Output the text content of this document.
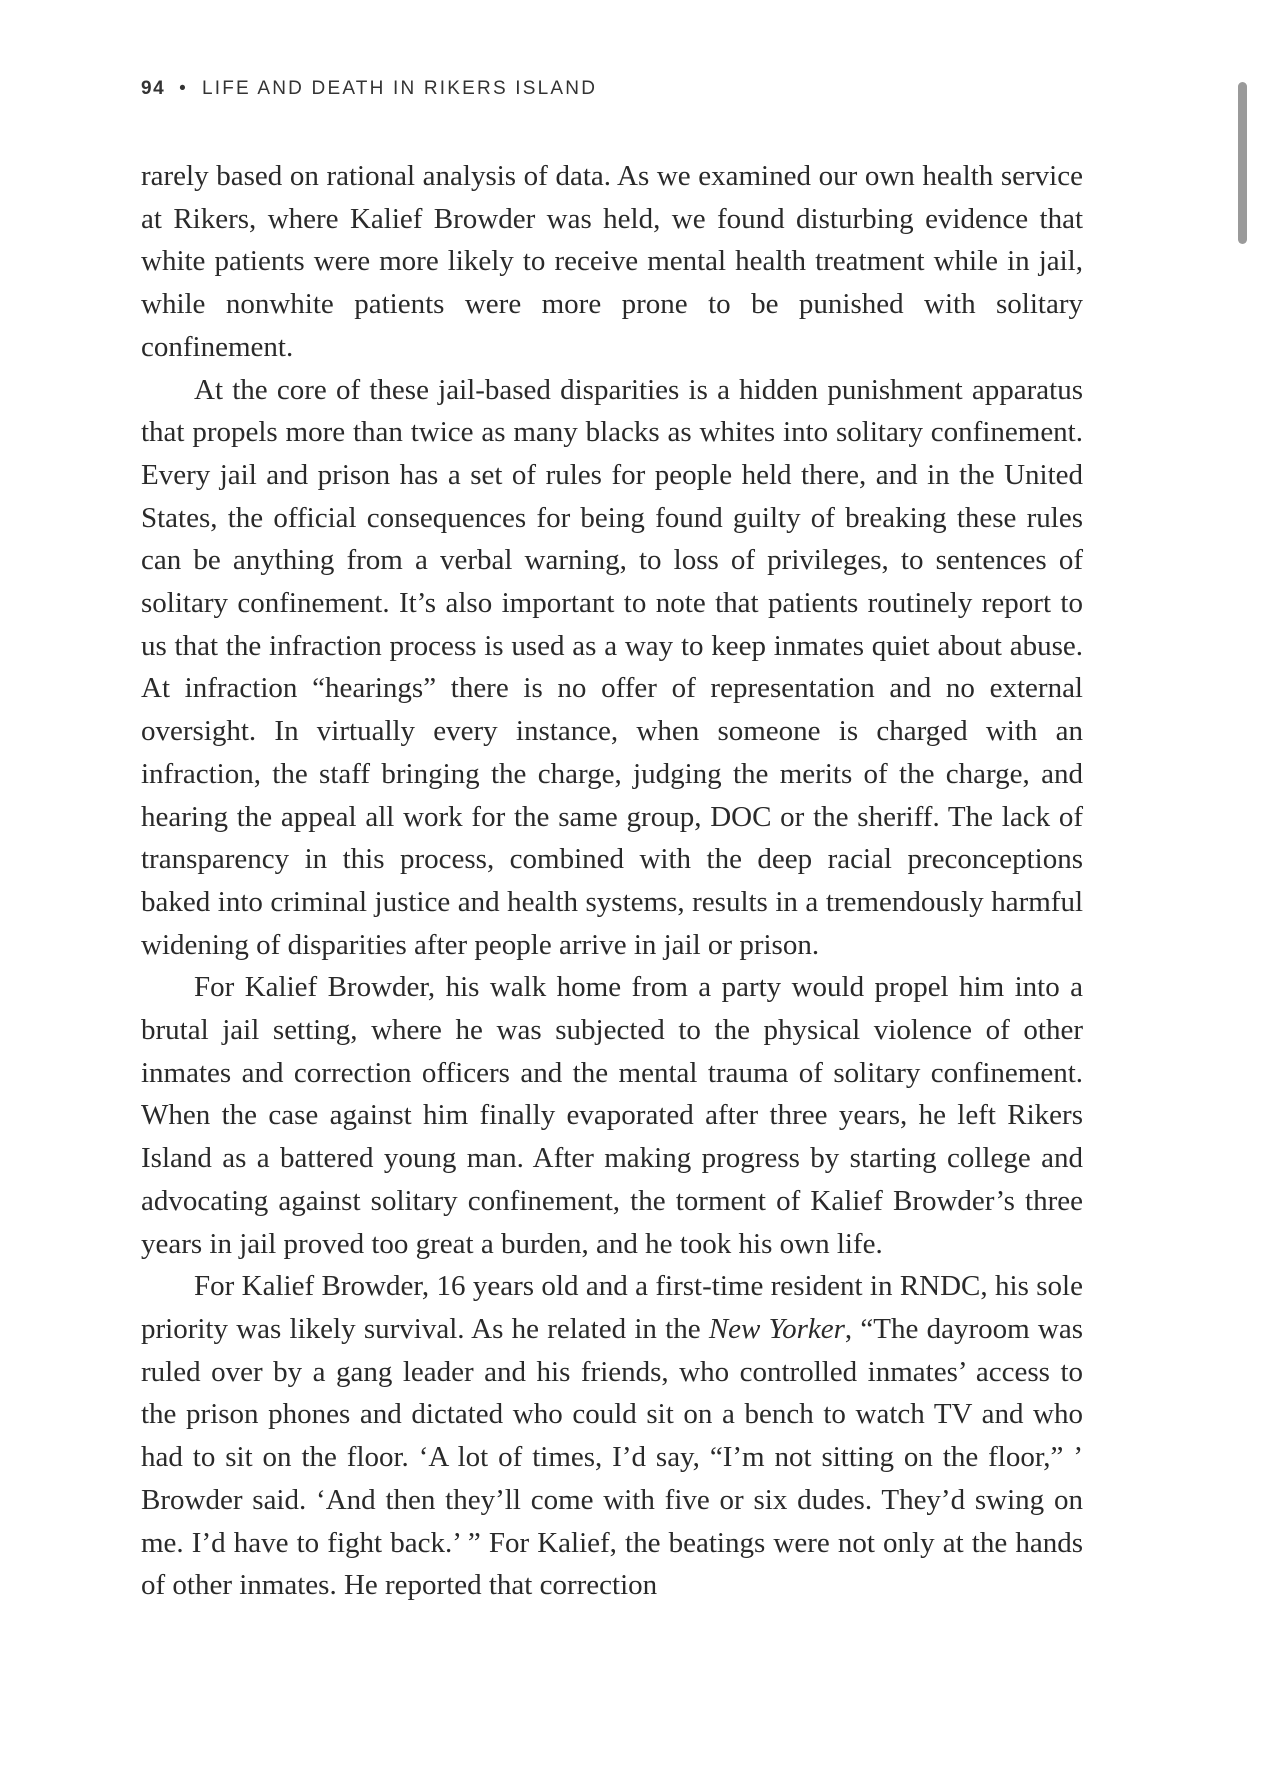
94 • LIFE AND DEATH IN RIKERS ISLAND

rarely based on rational analysis of data. As we examined our own health service at Rikers, where Kalief Browder was held, we found disturbing evidence that white patients were more likely to receive mental health treatment while in jail, while nonwhite patients were more prone to be punished with solitary confinement.

At the core of these jail-based disparities is a hidden punishment apparatus that propels more than twice as many blacks as whites into solitary confinement. Every jail and prison has a set of rules for people held there, and in the United States, the official consequences for being found guilty of breaking these rules can be anything from a verbal warning, to loss of privileges, to sentences of solitary confinement. It’s also important to note that patients routinely report to us that the infraction process is used as a way to keep inmates quiet about abuse. At infraction “hearings” there is no offer of representation and no external oversight. In virtually every instance, when someone is charged with an infraction, the staff bringing the charge, judging the merits of the charge, and hearing the appeal all work for the same group, DOC or the sheriff. The lack of transparency in this process, combined with the deep racial preconceptions baked into criminal justice and health systems, results in a tremendously harmful widening of disparities after people arrive in jail or prison.

For Kalief Browder, his walk home from a party would propel him into a brutal jail setting, where he was subjected to the physical violence of other inmates and correction officers and the mental trauma of solitary confinement. When the case against him finally evaporated after three years, he left Rikers Island as a battered young man. After making progress by starting college and advocating against solitary confinement, the torment of Kalief Browder’s three years in jail proved too great a burden, and he took his own life.

For Kalief Browder, 16 years old and a first-time resident in RNDC, his sole priority was likely survival. As he related in the New Yorker, “The dayroom was ruled over by a gang leader and his friends, who controlled inmates’ access to the prison phones and dictated who could sit on a bench to watch TV and who had to sit on the floor. ‘A lot of times, I’d say, “I’m not sitting on the floor,” ’ Browder said. ‘And then they’ll come with five or six dudes. They’d swing on me. I’d have to fight back.’ ” For Kalief, the beatings were not only at the hands of other inmates. He reported that correction
